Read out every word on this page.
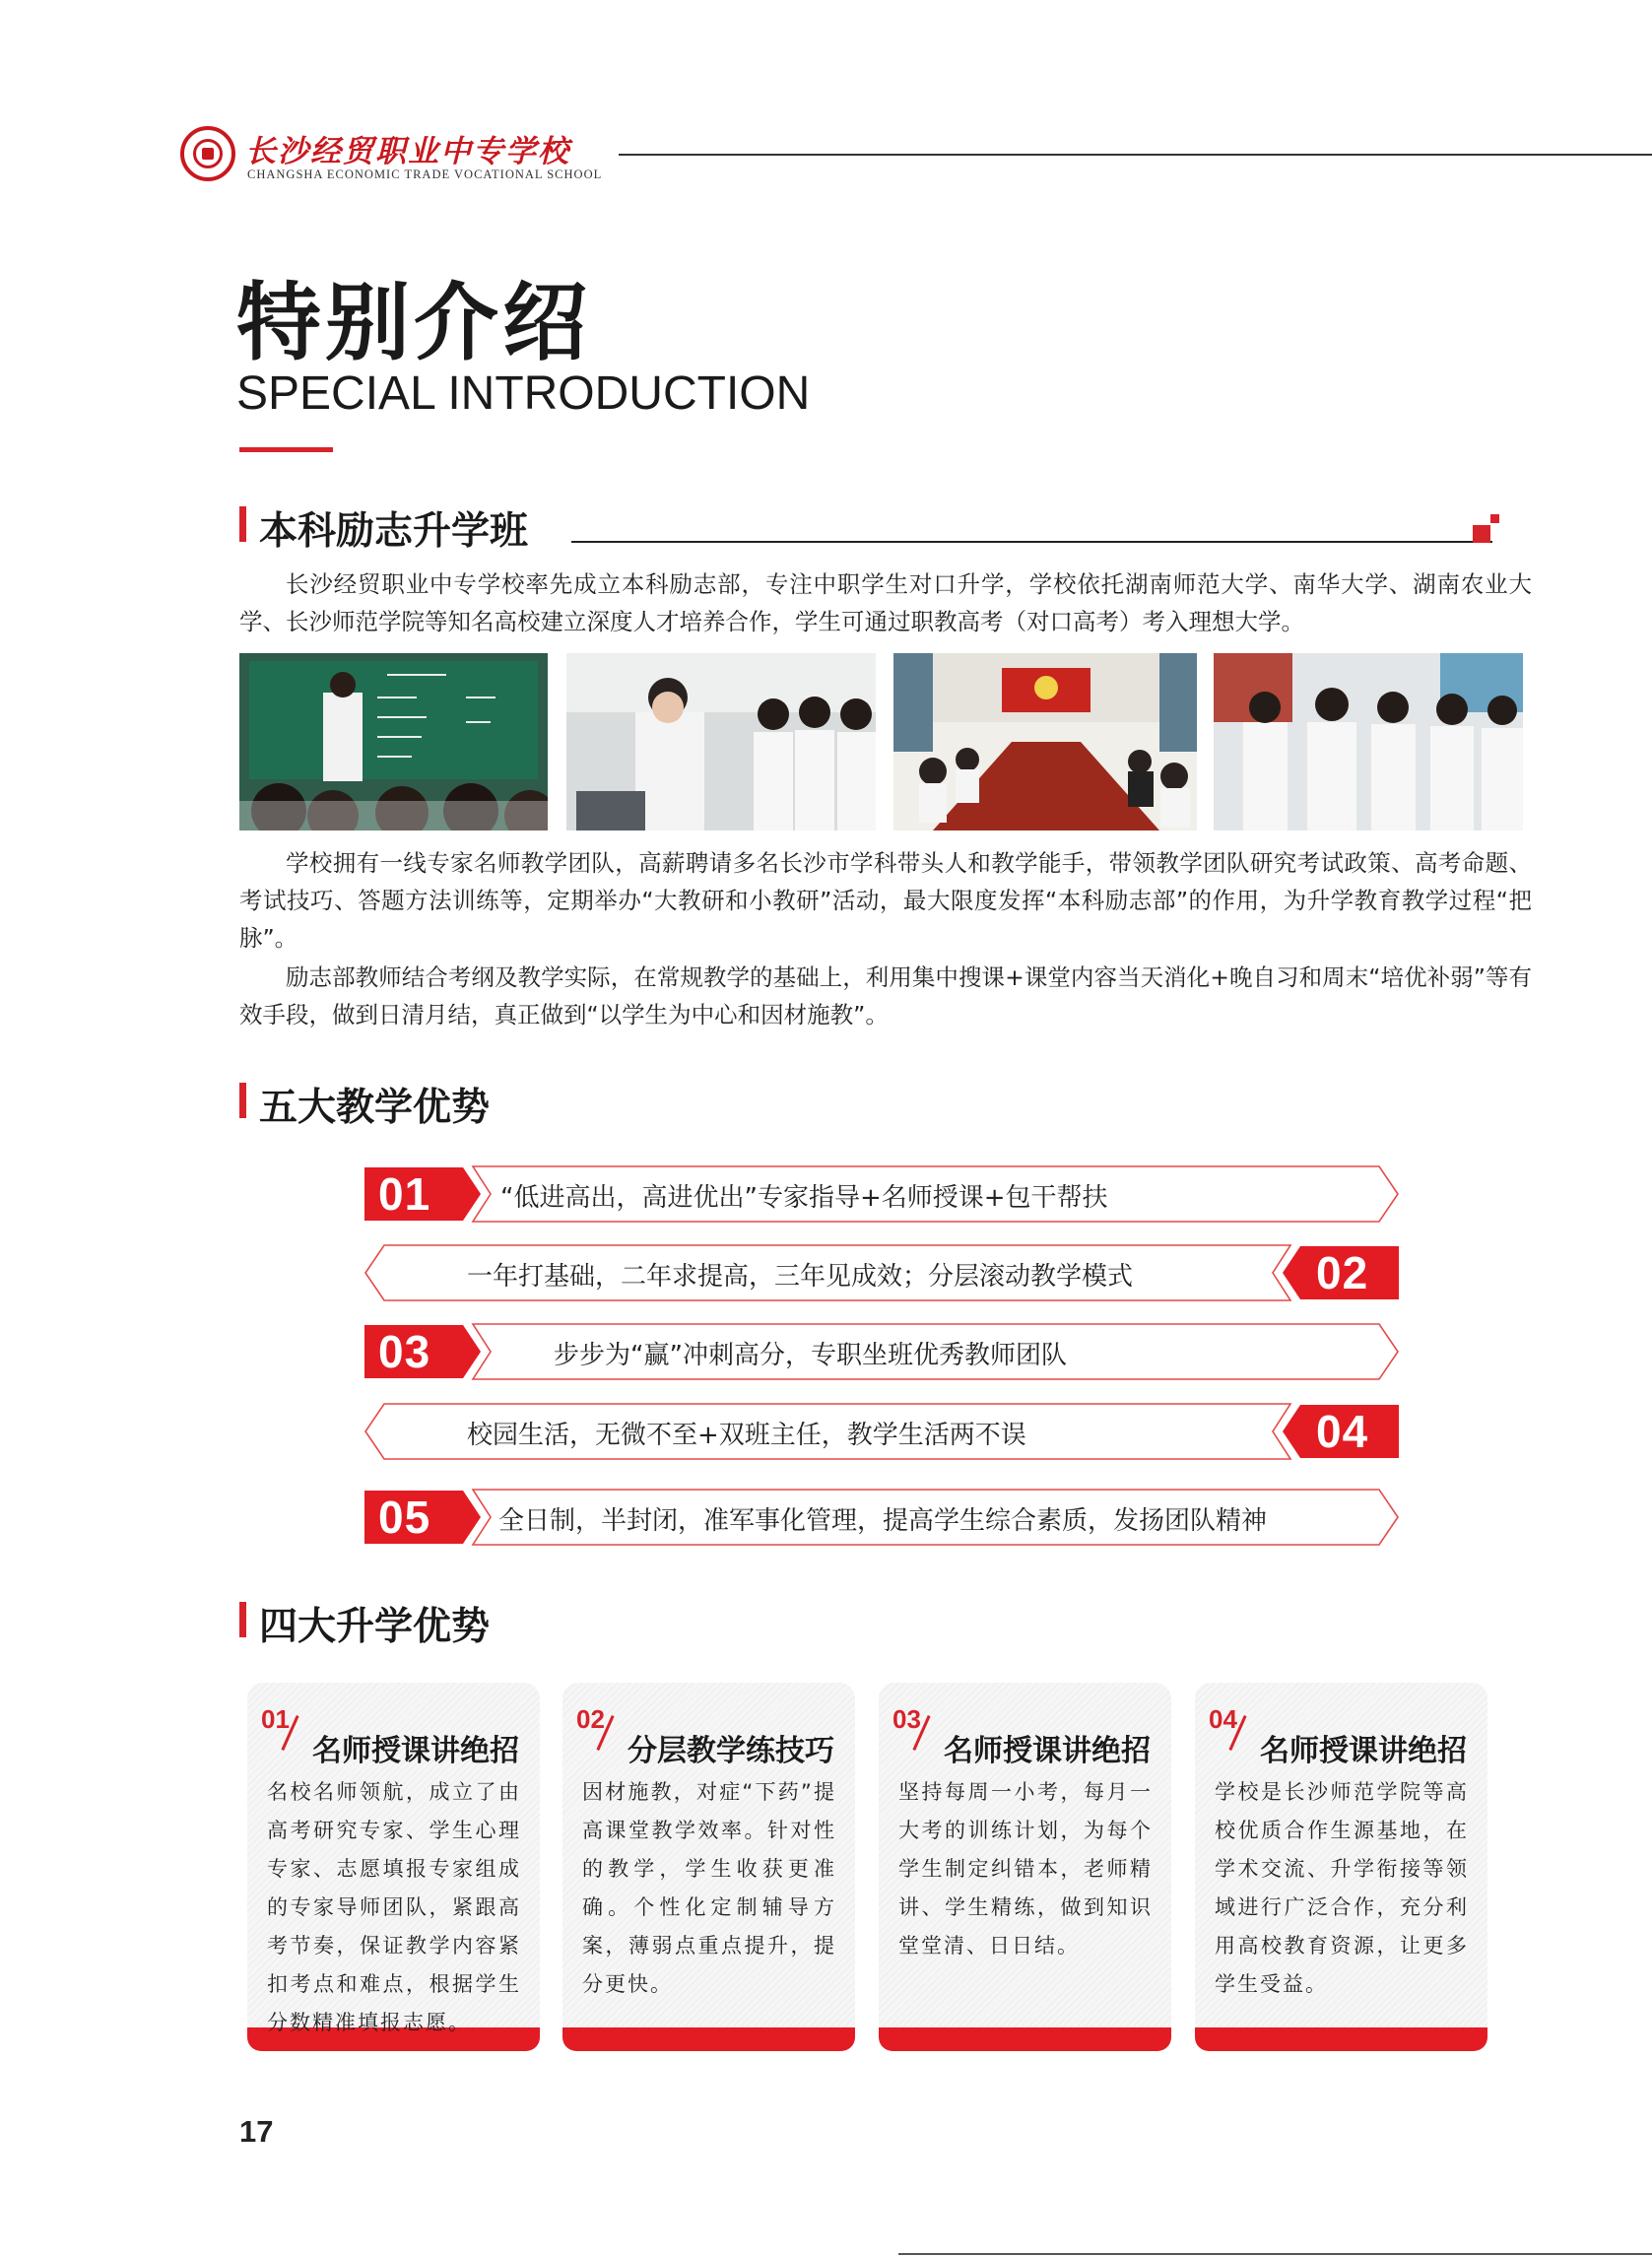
长沙经贸职业中专学校
CHANGSHA ECONOMIC TRADE VOCATIONAL SCHOOL
特别介绍
SPECIAL INTRODUCTION
本科励志升学班

长沙经贸职业中专学校率先成立本科励志部，专注中职学生对口升学，学校依托湖南师范大学、南华大学、湖南农业大学、长沙师范学院等知名高校建立深度人才培养合作，学生可通过职教高考（对口高考）考入理想大学。

学校拥有一线专家名师教学团队，高薪聘请多名长沙市学科带头人和教学能手，带领教学团队研究考试政策、高考命题、考试技巧、答题方法训练等，定期举办“大教研和小教研”活动，最大限度发挥“本科励志部”的作用，为升学教育教学过程“把脉”。

励志部教师结合考纲及教学实际，在常规教学的基础上，利用集中搜课+课堂内容当天消化+晚自习和周末“培优补弱”等有效手段，做到日清月结，真正做到“以学生为中心和因材施教”。

五大教学优势
01	“低进高出，高进优出”专家指导+名师授课+包干帮扶
一年打基础，二年求提高，三年见成效；分层滚动教学模式	02
03	步步为“赢”冲刺高分，专职坐班优秀教师团队
校园生活，无微不至+双班主任，教学生活两不误	04
05	全日制，半封闭，准军事化管理，提高学生综合素质，发扬团队精神
四大升学优势
01
名师授课讲绝招

名校名师领航，成立了由高考研究专家、学生心理专家、志愿填报专家组成的专家导师团队，紧跟高考节奏，保证教学内容紧扣考点和难点，根据学生分数精准填报志愿。

02
分层教学练技巧

因材施教，对症“下药”提高课堂教学效率。针对性的教学，学生收获更准确。个性化定制辅导方案，薄弱点重点提升，提分更快。

03
名师授课讲绝招

坚持每周一小考，每月一大考的训练计划，为每个学生制定纠错本，老师精讲、学生精练，做到知识堂堂清、日日结。

04
名师授课讲绝招

学校是长沙师范学院等高校优质合作生源基地，在学术交流、升学衔接等领域进行广泛合作，充分利用高校教育资源，让更多学生受益。

17
